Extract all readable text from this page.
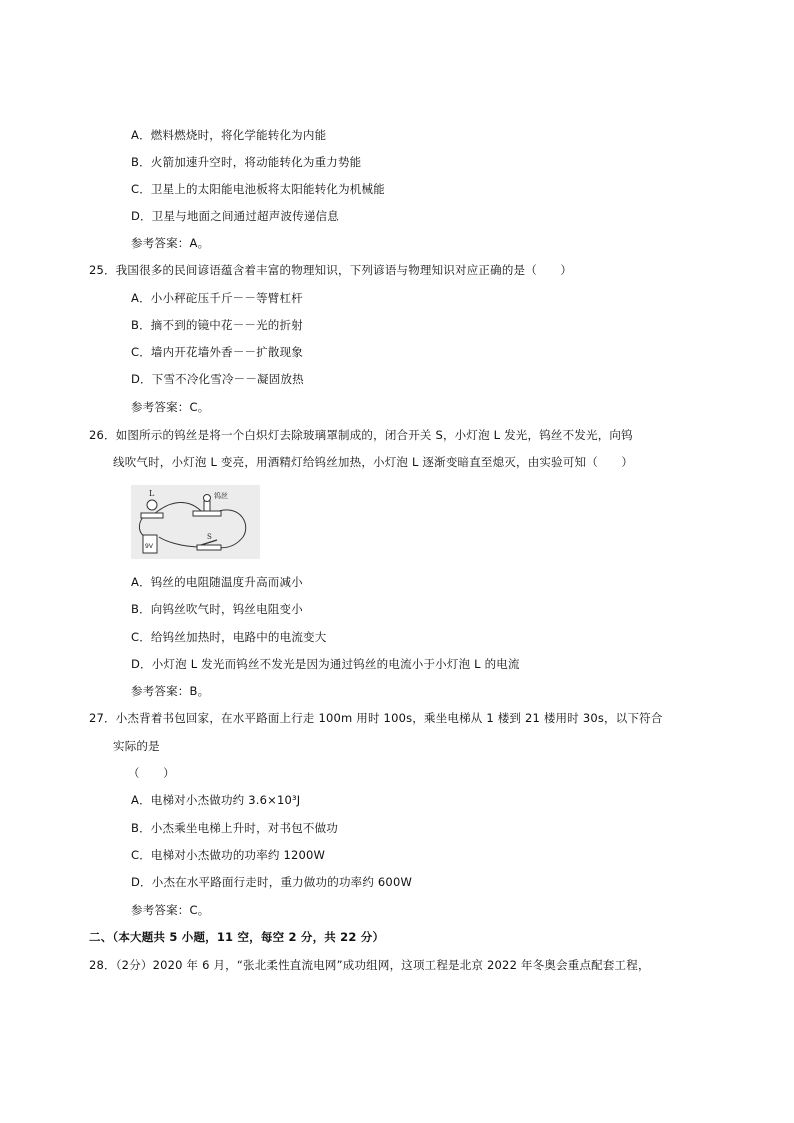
A．燃料燃烧时，将化学能转化为内能
B．火箭加速升空时，将动能转化为重力势能
C．卫星上的太阳能电池板将太阳能转化为机械能
D．卫星与地面之间通过超声波传递信息
参考答案：A。
25．我国很多的民间谚语蕴含着丰富的物理知识，下列谚语与物理知识对应正确的是（　　）
A．小小秤砣压千斤－－等臂杠杆
B．摘不到的镜中花－－光的折射
C．墙内开花墙外香－－扩散现象
D．下雪不冷化雪冷－－凝固放热
参考答案：C。
26．如图所示的钨丝是将一个白炽灯去除玻璃罩制成的，闭合开关 S，小灯泡 L 发光，钨丝不发光，向钨
线吹气时，小灯泡 L 变亮，用酒精灯给钨丝加热，小灯泡 L 逐渐变暗直至熄灭，由实验可知（　　）
L	钨丝
9V
S
A．钨丝的电阻随温度升高而减小
B．向钨丝吹气时，钨丝电阻变小
C．给钨丝加热时，电路中的电流变大
D．小灯泡 L 发光而钨丝不发光是因为通过钨丝的电流小于小灯泡 L 的电流
参考答案：B。
27．小杰背着书包回家，在水平路面上行走 100m 用时 100s，乘坐电梯从 1 楼到 21 楼用时 30s，以下符合
实际的是
（　　）
A．电梯对小杰做功约 3.6×10³J
B．小杰乘坐电梯上升时，对书包不做功
C．电梯对小杰做功的功率约 1200W
D．小杰在水平路面行走时，重力做功的功率约 600W
参考答案：C。
二、（本大题共 5 小题，11 空，每空 2 分，共 22 分）
28．（2分）2020 年 6 月，“张北柔性直流电网”成功组网，这项工程是北京 2022 年冬奥会重点配套工程，
